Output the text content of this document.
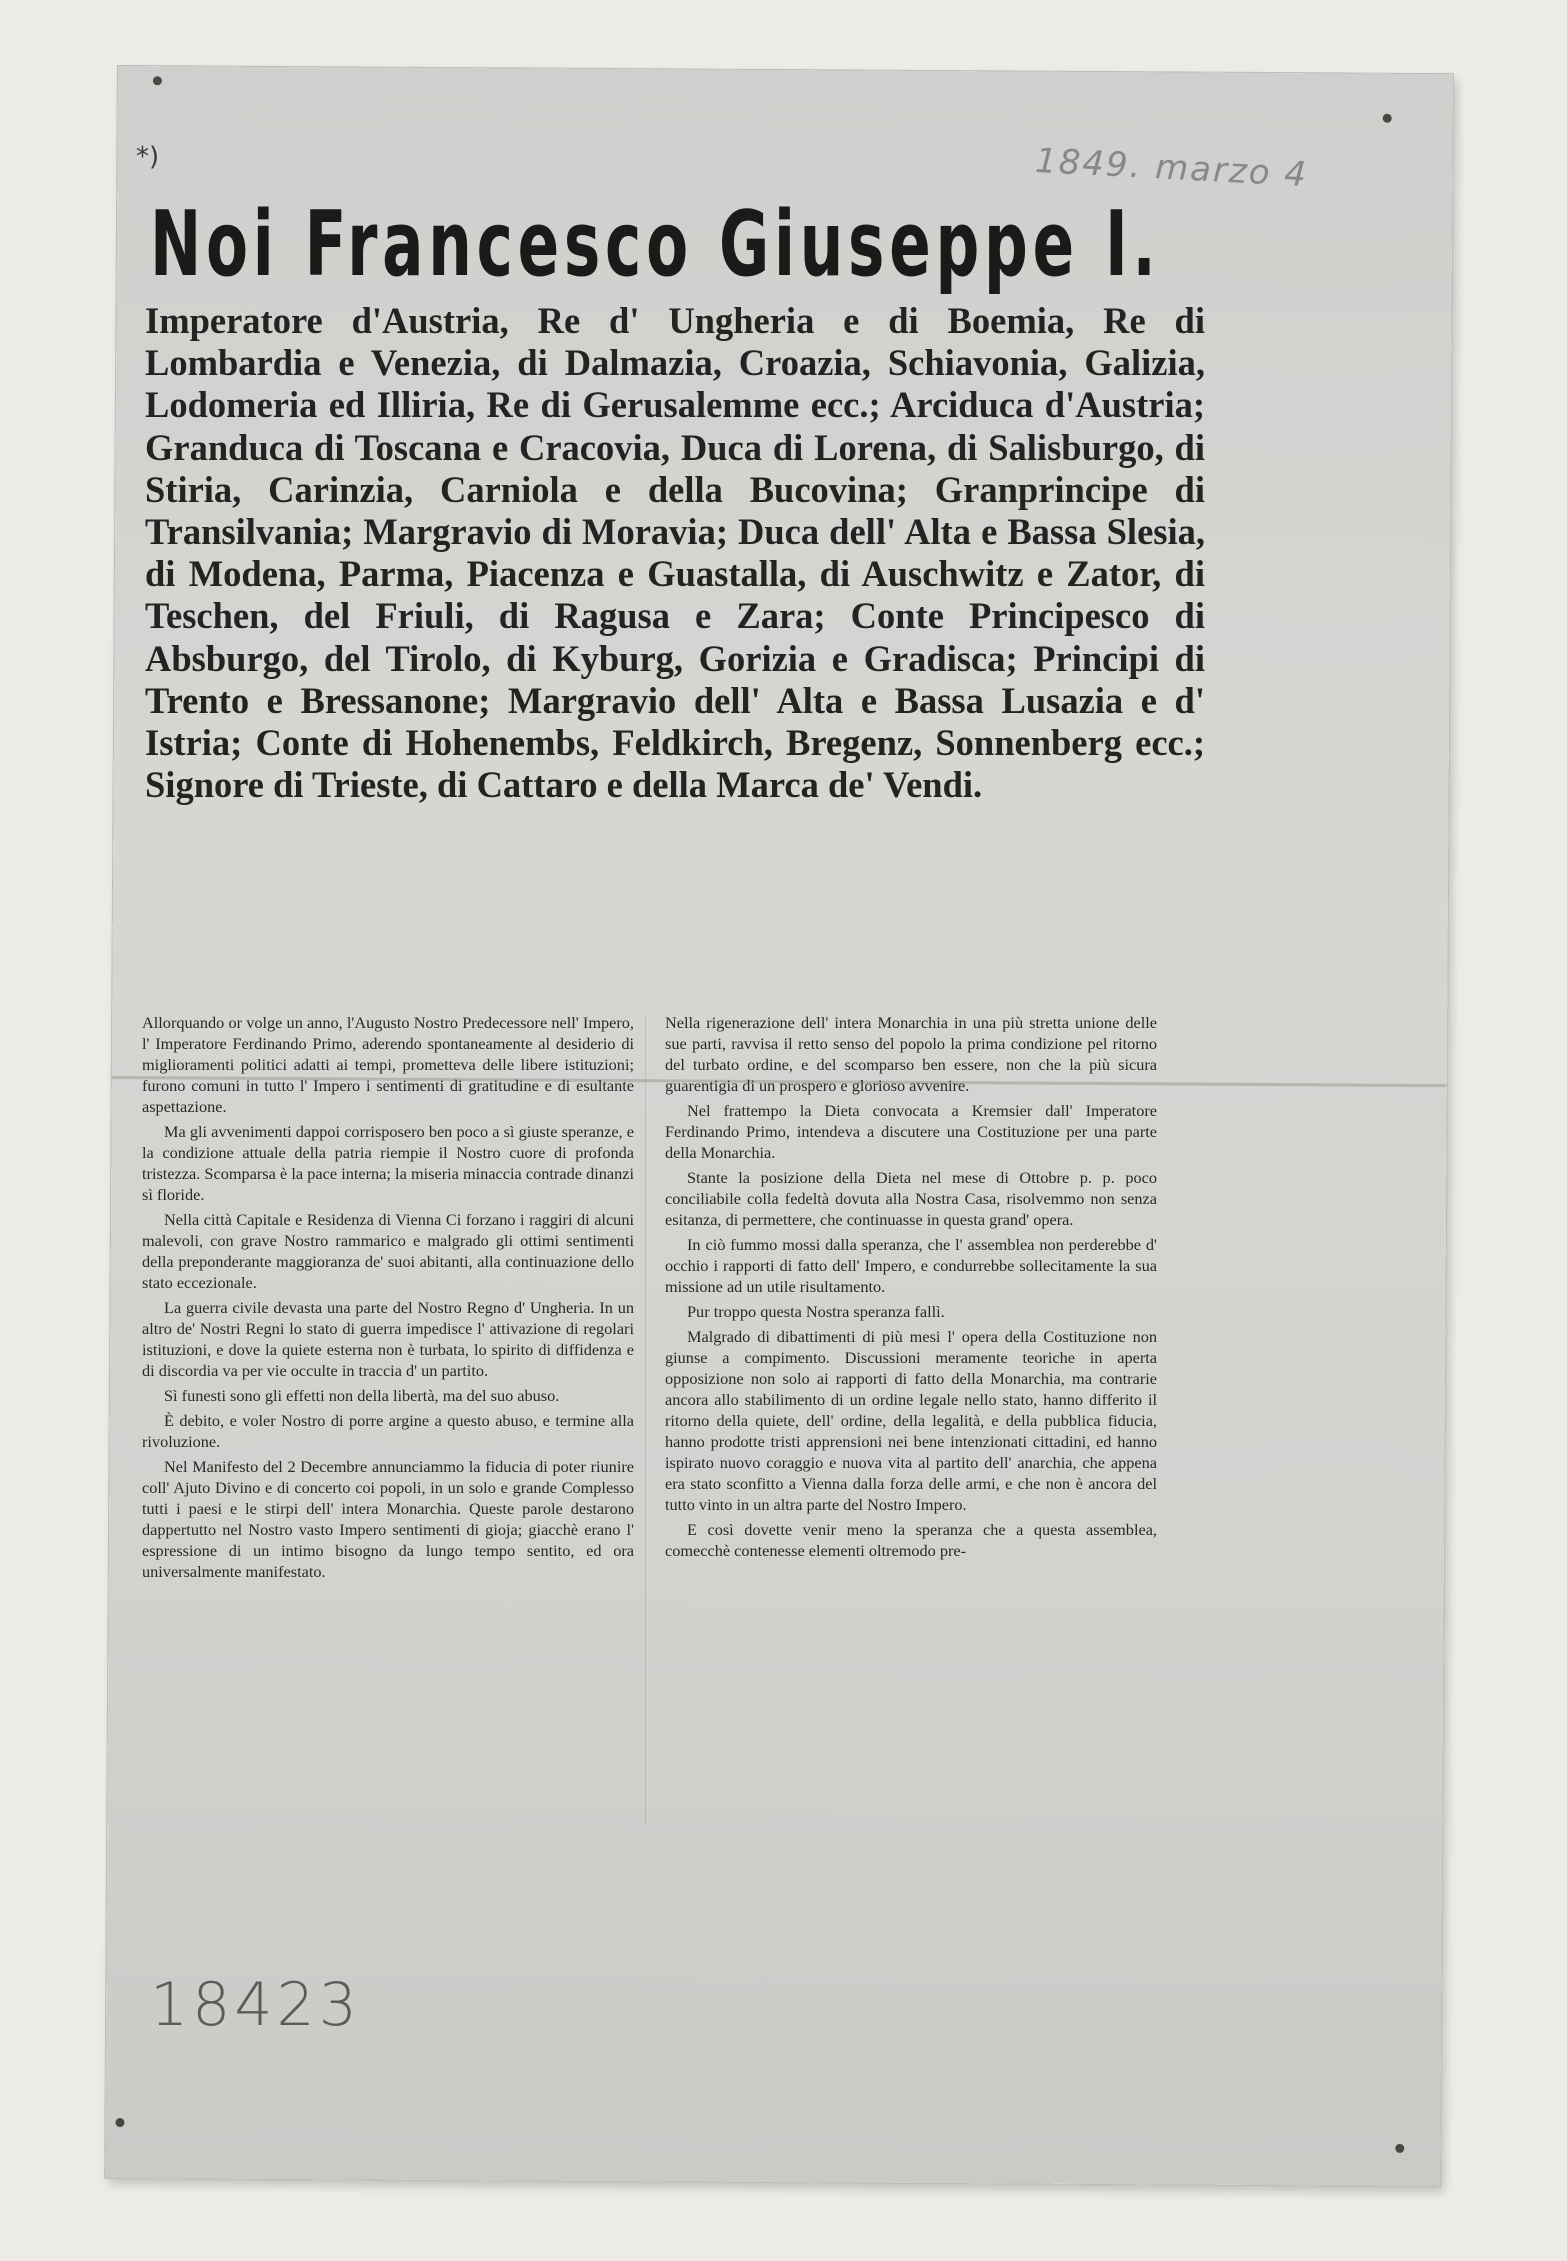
1849. marzo 4
*)
Noi Francesco Giuseppe I.
Imperatore d'Austria, Re d' Ungheria e di Boemia, Re di Lombardia e Venezia, di Dalmazia, Croazia, Schiavonia, Galizia, Lodomeria ed Illiria, Re di Gerusalemme ecc.; Arciduca d'Austria; Granduca di Toscana e Cracovia, Duca di Lorena, di Salisburgo, di Stiria, Carinzia, Carniola e della Bucovina; Granprincipe di Transilvania; Margravio di Moravia; Duca dell' Alta e Bassa Slesia, di Modena, Parma, Piacenza e Guastalla, di Auschwitz e Zator, di Teschen, del Friuli, di Ragusa e Zara; Conte Principesco di Absburgo, del Tirolo, di Kyburg, Gorizia e Gradisca; Principi di Trento e Bressanone; Margravio dell' Alta e Bassa Lusazia e d' Istria; Conte di Hohenembs, Feldkirch, Bregenz, Sonnenberg ecc.; Signore di Trieste, di Cattaro e della Marca de' Vendi.

Allorquando or volge un anno, l'Augusto Nostro Predecessore nell' Impero, l' Imperatore Ferdinando Primo, aderendo spontaneamente al desiderio di miglioramenti politici adatti ai tempi, prometteva delle libere istituzioni; furono comuni in tutto l' Impero i sentimenti di gratitudine e di esultante aspettazione.

Ma gli avvenimenti dappoi corrisposero ben poco a sì giuste speranze, e la condizione attuale della patria riempie il Nostro cuore di profonda tristezza. Scomparsa è la pace interna; la miseria minaccia contrade dinanzi sì floride.

Nella città Capitale e Residenza di Vienna Ci forzano i raggiri di alcuni malevoli, con grave Nostro rammarico e malgrado gli ottimi sentimenti della preponderante maggioranza de' suoi abitanti, alla continuazione dello stato eccezionale.

La guerra civile devasta una parte del Nostro Regno d' Ungheria. In un altro de' Nostri Regni lo stato di guerra impedisce l' attivazione di regolari istituzioni, e dove la quiete esterna non è turbata, lo spirito di diffidenza e di discordia va per vie occulte in traccia d' un partito.

Sì funesti sono gli effetti non della libertà, ma del suo abuso.

È debito, e voler Nostro di porre argine a questo abuso, e termine alla rivoluzione.

Nel Manifesto del 2 Decembre annunciammo la fiducia di poter riunire coll' Ajuto Divino e di concerto coi popoli, in un solo e grande Complesso tutti i paesi e le stirpi dell' intera Monarchia. Queste parole destarono dappertutto nel Nostro vasto Impero sentimenti di gioja; giacchè erano l' espressione di un intimo bisogno da lungo tempo sentito, ed ora universalmente manifestato.

Nella rigenerazione dell' intera Monarchia in una più stretta unione delle sue parti, ravvisa il retto senso del popolo la prima condizione pel ritorno del turbato ordine, e del scomparso ben essere, non che la più sicura guarentigia di un prospero e glorioso avvenire.

Nel frattempo la Dieta convocata a Kremsier dall' Imperatore Ferdinando Primo, intendeva a discutere una Costituzione per una parte della Monarchia.

Stante la posizione della Dieta nel mese di Ottobre p. p. poco conciliabile colla fedeltà dovuta alla Nostra Casa, risolvemmo non senza esitanza, di permettere, che continuasse in questa grand' opera.

In ciò fummo mossi dalla speranza, che l' assemblea non perderebbe d' occhio i rapporti di fatto dell' Impero, e condurrebbe sollecitamente la sua missione ad un utile risultamento.

Pur troppo questa Nostra speranza fallì.

Malgrado di dibattimenti di più mesi l' opera della Costituzione non giunse a compimento. Discussioni meramente teoriche in aperta opposizione non solo ai rapporti di fatto della Monarchia, ma contrarie ancora allo stabilimento di un ordine legale nello stato, hanno differito il ritorno della quiete, dell' ordine, della legalità, e della pubblica fiducia, hanno prodotte tristi apprensioni nei bene intenzionati cittadini, ed hanno ispirato nuovo coraggio e nuova vita al partito dell' anarchia, che appena era stato sconfitto a Vienna dalla forza delle armi, e che non è ancora del tutto vinto in un altra parte del Nostro Impero.

E così dovette venir meno la speranza che a questa assemblea, comecchè contenesse elementi oltremodo pre-

18423
